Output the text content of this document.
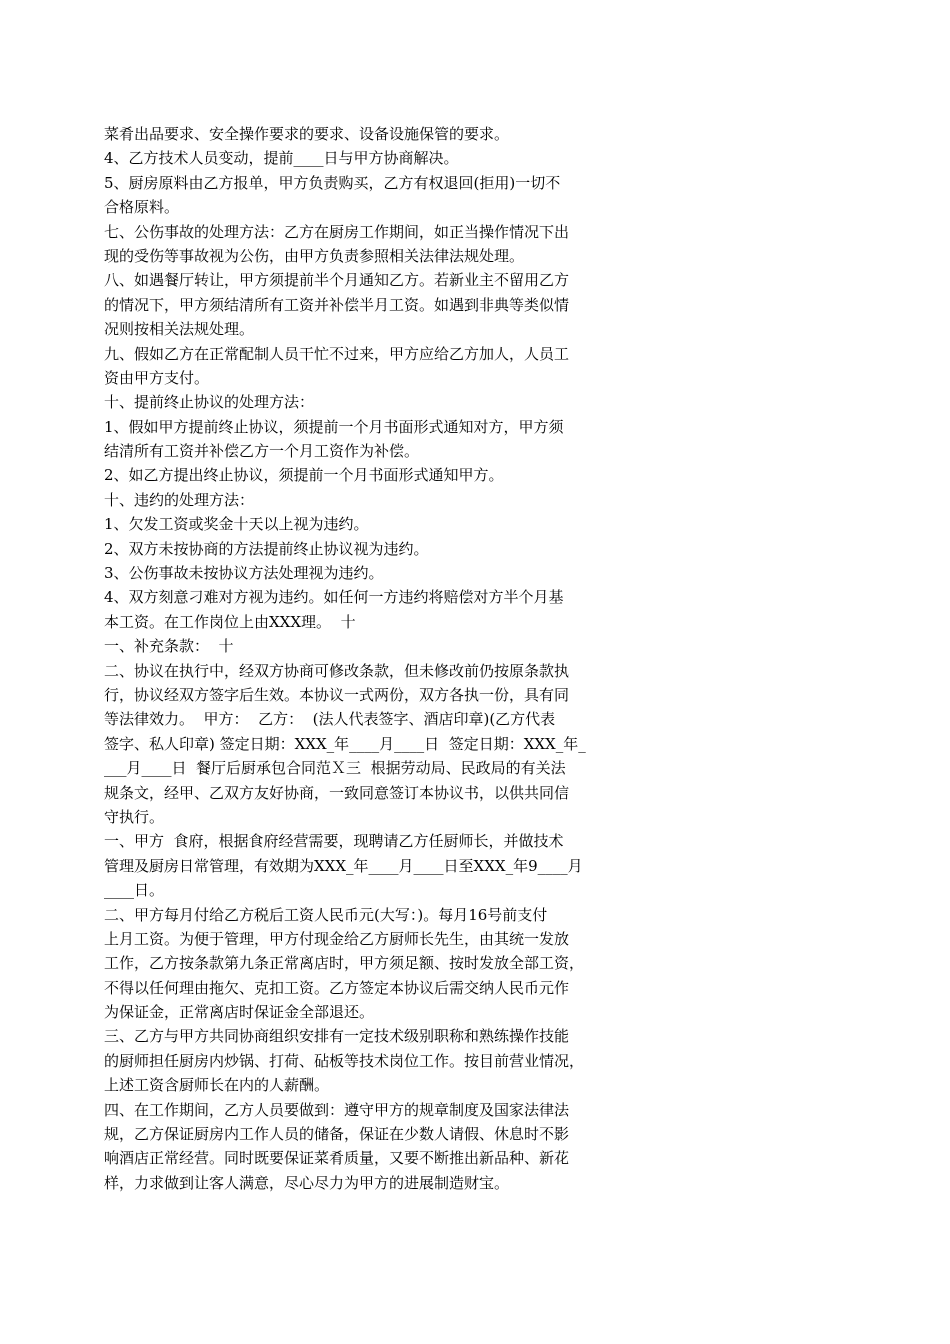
菜肴出品要求、安全操作要求的要求、设备设施保管的要求。
4、乙方技术人员变动，提前____日与甲方协商解决。
5、厨房原料由乙方报单，甲方负责购买，乙方有权退回(拒用)一切不
合格原料。
七、公伤事故的处理方法：乙方在厨房工作期间，如正当操作情况下出
现的受伤等事故视为公伤，由甲方负责参照相关法律法规处理。
八、如遇餐厅转让，甲方须提前半个月通知乙方。若新业主不留用乙方
的情况下，甲方须结清所有工资并补偿半月工资。如遇到非典等类似情
况则按相关法规处理。
九、假如乙方在正常配制人员干忙不过来，甲方应给乙方加人，人员工
资由甲方支付。
十、提前终止协议的处理方法：
1、假如甲方提前终止协议，须提前一个月书面形式通知对方，甲方须
结清所有工资并补偿乙方一个月工资作为补偿。
2、如乙方提出终止协议，须提前一个月书面形式通知甲方。
十、违约的处理方法：
1、欠发工资或奖金十天以上视为违约。
2、双方未按协商的方法提前终止协议视为违约。
3、公伤事故未按协议方法处理视为违约。
4、双方刻意刁难对方视为违约。如任何一方违约将赔偿对方半个月基
本工资。在工作岗位上由XXX理。  十
一、补充条款：  十
二、协议在执行中，经双方协商可修改条款，但未修改前仍按原条款执
行，协议经双方签字后生效。本协议一式两份，双方各执一份，具有同
等法律效力。  甲方：  乙方：  (法人代表签字、酒店印章)(乙方代表
签字、私人印章) 签定日期：XXX_年____月____日  签定日期：XXX_年_
___月____日  餐厅后厨承包合同范Ｘ三  根据劳动局、民政局的有关法
规条文，经甲、乙双方友好协商，一致同意签订本协议书，以供共同信
守执行。
一、甲方  食府，根据食府经营需要，现聘请乙方任厨师长，并做技术
管理及厨房日常管理，有效期为XXX_年____月____日至XXX_年9____月
____日。
二、甲方每月付给乙方税后工资人民币元(大写：)。每月16号前支付
上月工资。为便于管理，甲方付现金给乙方厨师长先生，由其统一发放
工作，乙方按条款第九条正常离店时，甲方须足额、按时发放全部工资，
不得以任何理由拖欠、克扣工资。乙方签定本协议后需交纳人民币元作
为保证金，正常离店时保证金全部退还。
三、乙方与甲方共同协商组织安排有一定技术级别职称和熟练操作技能
的厨师担任厨房内炒锅、打荷、砧板等技术岗位工作。按目前营业情况，
上述工资含厨师长在内的人薪酬。
四、在工作期间，乙方人员要做到：遵守甲方的规章制度及国家法律法
规，乙方保证厨房内工作人员的储备，保证在少数人请假、休息时不影
响酒店正常经营。同时既要保证菜肴质量，又要不断推出新品种、新花
样，力求做到让客人满意，尽心尽力为甲方的进展制造财宝。
